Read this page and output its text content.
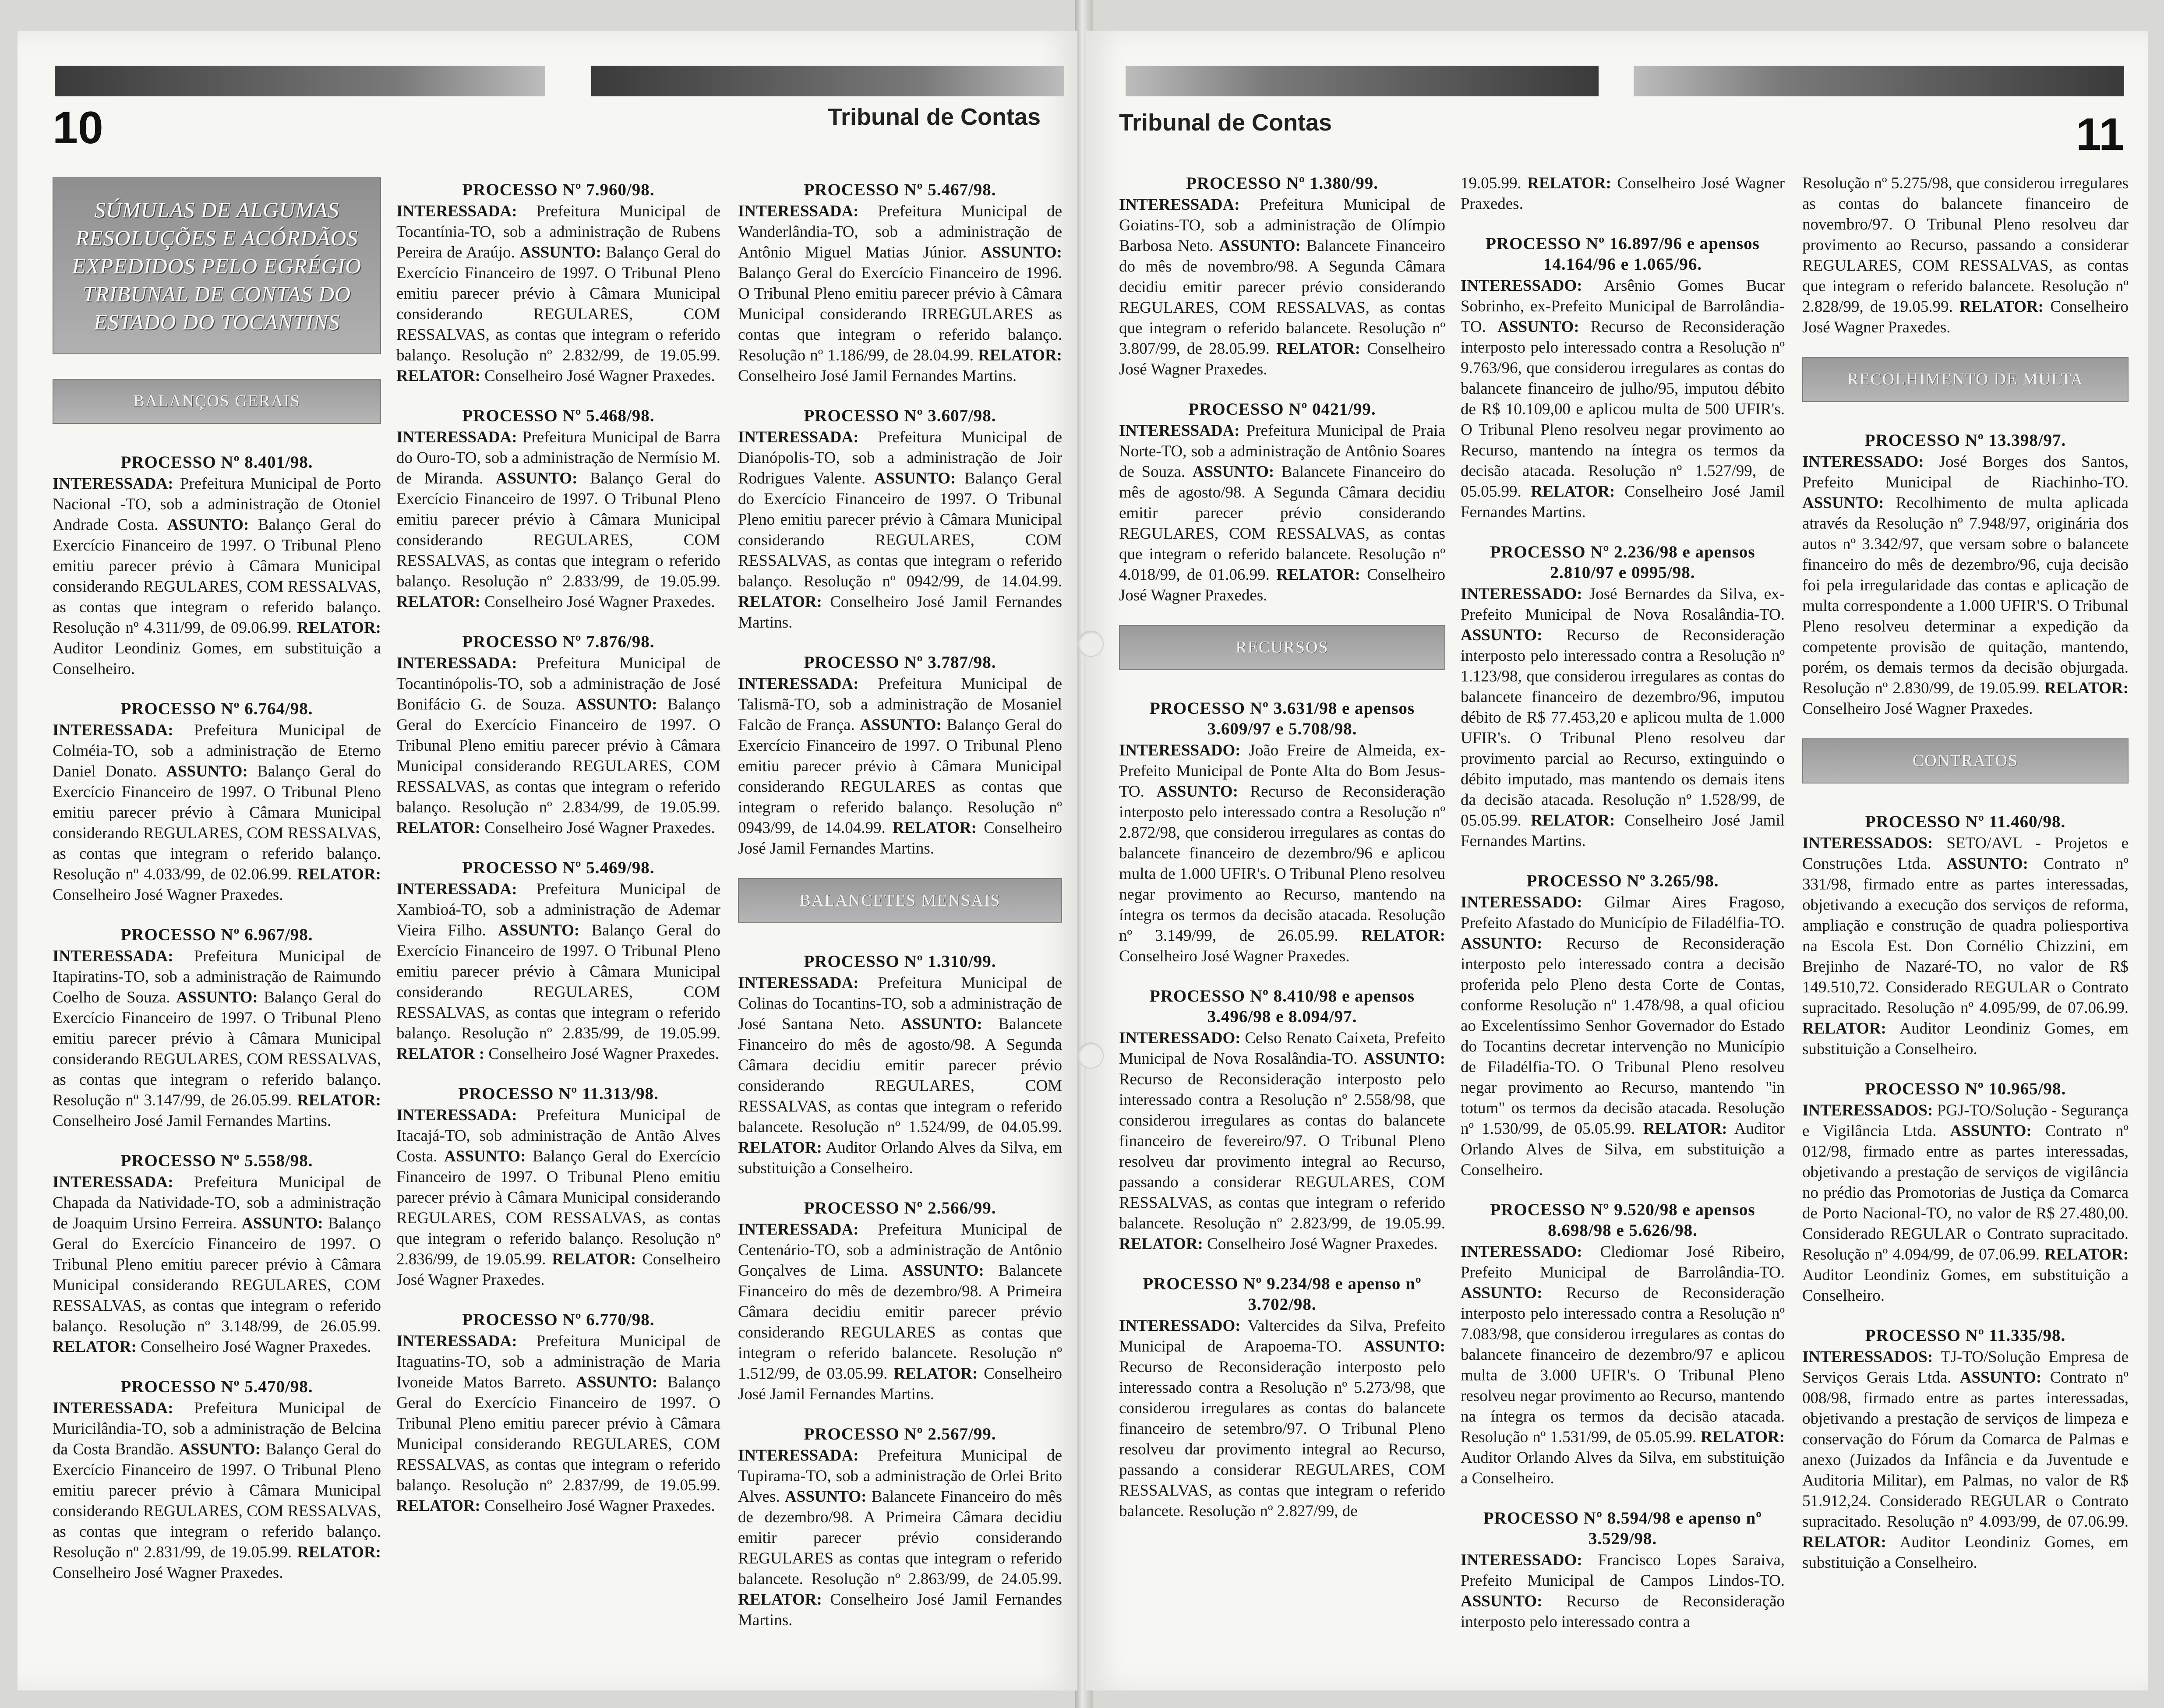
10	Tribunal de Contas
SÚMULAS DE ALGUMAS RESOLUÇÕES E ACÓRDÃOS EXPEDIDOS PELO EGRÉGIO TRIBUNAL DE CONTAS DO ESTADO DO TOCANTINS
BALANÇOS GERAIS
PROCESSO Nº 8.401/98.
INTERESSADA: Prefeitura Municipal de Porto Nacional -TO, sob a administração de Otoniel Andrade Costa. ASSUNTO: Balanço Geral do Exercício Financeiro de 1997. O Tribunal Pleno emitiu parecer prévio à Câmara Municipal considerando REGULARES, COM RESSALVAS, as contas que integram o referido balanço. Resolução nº 4.311/99, de 09.06.99. RELATOR: Auditor Leondiniz Gomes, em substituição a Conselheiro.
PROCESSO Nº 6.764/98.
INTERESSADA: Prefeitura Municipal de Colméia-TO, sob a administração de Eterno Daniel Donato. ASSUNTO: Balanço Geral do Exercício Financeiro de 1997. O Tribunal Pleno emitiu parecer prévio à Câmara Municipal considerando REGULARES, COM RESSALVAS, as contas que integram o referido balanço. Resolução nº 4.033/99, de 02.06.99. RELATOR: Conselheiro José Wagner Praxedes.
PROCESSO Nº 6.967/98.
INTERESSADA: Prefeitura Municipal de Itapiratins-TO, sob a administração de Raimundo Coelho de Souza. ASSUNTO: Balanço Geral do Exercício Financeiro de 1997. O Tribunal Pleno emitiu parecer prévio à Câmara Municipal considerando REGULARES, COM RESSALVAS, as contas que integram o referido balanço. Resolução nº 3.147/99, de 26.05.99. RELATOR: Conselheiro José Jamil Fernandes Martins.
PROCESSO Nº 5.558/98.
INTERESSADA: Prefeitura Municipal de Chapada da Natividade-TO, sob a administração de Joaquim Ursino Ferreira. ASSUNTO: Balanço Geral do Exercício Financeiro de 1997. O Tribunal Pleno emitiu parecer prévio à Câmara Municipal considerando REGULARES, COM RESSALVAS, as contas que integram o referido balanço. Resolução nº 3.148/99, de 26.05.99. RELATOR: Conselheiro José Wagner Praxedes.
PROCESSO Nº 5.470/98.
INTERESSADA: Prefeitura Municipal de Muricilândia-TO, sob a administração de Belcina da Costa Brandão. ASSUNTO: Balanço Geral do Exercício Financeiro de 1997. O Tribunal Pleno emitiu parecer prévio à Câmara Municipal considerando REGULARES, COM RESSALVAS, as contas que integram o referido balanço. Resolução nº 2.831/99, de 19.05.99. RELATOR: Conselheiro José Wagner Praxedes.
PROCESSO Nº 7.960/98.
INTERESSADA: Prefeitura Municipal de Tocantínia-TO, sob a administração de Rubens Pereira de Araújo. ASSUNTO: Balanço Geral do Exercício Financeiro de 1997. O Tribunal Pleno emitiu parecer prévio à Câmara Municipal considerando REGULARES, COM RESSALVAS, as contas que integram o referido balanço. Resolução nº 2.832/99, de 19.05.99. RELATOR: Conselheiro José Wagner Praxedes.
PROCESSO Nº 5.468/98.
INTERESSADA: Prefeitura Municipal de Barra do Ouro-TO, sob a administração de Nermísio M. de Miranda. ASSUNTO: Balanço Geral do Exercício Financeiro de 1997. O Tribunal Pleno emitiu parecer prévio à Câmara Municipal considerando REGULARES, COM RESSALVAS, as contas que integram o referido balanço. Resolução nº 2.833/99, de 19.05.99. RELATOR: Conselheiro José Wagner Praxedes.
PROCESSO Nº 7.876/98.
INTERESSADA: Prefeitura Municipal de Tocantinópolis-TO, sob a administração de José Bonifácio G. de Souza. ASSUNTO: Balanço Geral do Exercício Financeiro de 1997. O Tribunal Pleno emitiu parecer prévio à Câmara Municipal considerando REGULARES, COM RESSALVAS, as contas que integram o referido balanço. Resolução nº 2.834/99, de 19.05.99. RELATOR: Conselheiro José Wagner Praxedes.
PROCESSO Nº 5.469/98.
INTERESSADA: Prefeitura Municipal de Xambioá-TO, sob a administração de Ademar Vieira Filho. ASSUNTO: Balanço Geral do Exercício Financeiro de 1997. O Tribunal Pleno emitiu parecer prévio à Câmara Municipal considerando REGULARES, COM RESSALVAS, as contas que integram o referido balanço. Resolução nº 2.835/99, de 19.05.99. RELATOR : Conselheiro José Wagner Praxedes.
PROCESSO Nº 11.313/98.
INTERESSADA: Prefeitura Municipal de Itacajá-TO, sob administração de Antão Alves Costa. ASSUNTO: Balanço Geral do Exercício Financeiro de 1997. O Tribunal Pleno emitiu parecer prévio à Câmara Municipal considerando REGULARES, COM RESSALVAS, as contas que integram o referido balanço. Resolução nº 2.836/99, de 19.05.99. RELATOR: Conselheiro José Wagner Praxedes.
PROCESSO Nº 6.770/98.
INTERESSADA: Prefeitura Municipal de Itaguatins-TO, sob a administração de Maria Ivoneide Matos Barreto. ASSUNTO: Balanço Geral do Exercício Financeiro de 1997. O Tribunal Pleno emitiu parecer prévio à Câmara Municipal considerando REGULARES, COM RESSALVAS, as contas que integram o referido balanço. Resolução nº 2.837/99, de 19.05.99. RELATOR: Conselheiro José Wagner Praxedes.
PROCESSO Nº 5.467/98.
INTERESSADA: Prefeitura Municipal de Wanderlândia-TO, sob a administração de Antônio Miguel Matias Júnior. ASSUNTO: Balanço Geral do Exercício Financeiro de 1996. O Tribunal Pleno emitiu parecer prévio à Câmara Municipal considerando IRREGULARES as contas que integram o referido balanço. Resolução nº 1.186/99, de 28.04.99. RELATOR: Conselheiro José Jamil Fernandes Martins.
PROCESSO Nº 3.607/98.
INTERESSADA: Prefeitura Municipal de Dianópolis-TO, sob a administração de Joir Rodrigues Valente. ASSUNTO: Balanço Geral do Exercício Financeiro de 1997. O Tribunal Pleno emitiu parecer prévio à Câmara Municipal considerando REGULARES, COM RESSALVAS, as contas que integram o referido balanço. Resolução nº 0942/99, de 14.04.99. RELATOR: Conselheiro José Jamil Fernandes Martins.
PROCESSO Nº 3.787/98.
INTERESSADA: Prefeitura Municipal de Talismã-TO, sob a administração de Mosaniel Falcão de França. ASSUNTO: Balanço Geral do Exercício Financeiro de 1997. O Tribunal Pleno emitiu parecer prévio à Câmara Municipal considerando REGULARES as contas que integram o referido balanço. Resolução nº 0943/99, de 14.04.99. RELATOR: Conselheiro José Jamil Fernandes Martins.
BALANCETES MENSAIS
PROCESSO Nº 1.310/99.
INTERESSADA: Prefeitura Municipal de Colinas do Tocantins-TO, sob a administração de José Santana Neto. ASSUNTO: Balancete Financeiro do mês de agosto/98. A Segunda Câmara decidiu emitir parecer prévio considerando REGULARES, COM RESSALVAS, as contas que integram o referido balancete. Resolução nº 1.524/99, de 04.05.99. RELATOR: Auditor Orlando Alves da Silva, em substituição a Conselheiro.
PROCESSO Nº 2.566/99.
INTERESSADA: Prefeitura Municipal de Centenário-TO, sob a administração de Antônio Gonçalves de Lima. ASSUNTO: Balancete Financeiro do mês de dezembro/98. A Primeira Câmara decidiu emitir parecer prévio considerando REGULARES as contas que integram o referido balancete. Resolução nº 1.512/99, de 03.05.99. RELATOR: Conselheiro José Jamil Fernandes Martins.
PROCESSO Nº 2.567/99.
INTERESSADA: Prefeitura Municipal de Tupirama-TO, sob a administração de Orlei Brito Alves. ASSUNTO: Balancete Financeiro do mês de dezembro/98. A Primeira Câmara decidiu emitir parecer prévio considerando REGULARES as contas que integram o referido balancete. Resolução nº 2.863/99, de 24.05.99. RELATOR: Conselheiro José Jamil Fernandes Martins.
Tribunal de Contas	11
PROCESSO Nº 1.380/99.
INTERESSADA: Prefeitura Municipal de Goiatins-TO, sob a administração de Olímpio Barbosa Neto. ASSUNTO: Balancete Financeiro do mês de novembro/98. A Segunda Câmara decidiu emitir parecer prévio considerando REGULARES, COM RESSALVAS, as contas que integram o referido balancete. Resolução nº 3.807/99, de 28.05.99. RELATOR: Conselheiro José Wagner Praxedes.
PROCESSO Nº 0421/99.
INTERESSADA: Prefeitura Municipal de Praia Norte-TO, sob a administração de Antônio Soares de Souza. ASSUNTO: Balancete Financeiro do mês de agosto/98. A Segunda Câmara decidiu emitir parecer prévio considerando REGULARES, COM RESSALVAS, as contas que integram o referido balancete. Resolução nº 4.018/99, de 01.06.99. RELATOR: Conselheiro José Wagner Praxedes.
RECURSOS
PROCESSO Nº 3.631/98 e apensos 3.609/97 e 5.708/98.
INTERESSADO: João Freire de Almeida, ex-Prefeito Municipal de Ponte Alta do Bom Jesus-TO. ASSUNTO: Recurso de Reconsideração interposto pelo interessado contra a Resolução nº 2.872/98, que considerou irregulares as contas do balancete financeiro de dezembro/96 e aplicou multa de 1.000 UFIR's. O Tribunal Pleno resolveu negar provimento ao Recurso, mantendo na íntegra os termos da decisão atacada. Resolução nº 3.149/99, de 26.05.99. RELATOR: Conselheiro José Wagner Praxedes.
PROCESSO Nº 8.410/98 e apensos 3.496/98 e 8.094/97.
INTERESSADO: Celso Renato Caixeta, Prefeito Municipal de Nova Rosalândia-TO. ASSUNTO: Recurso de Reconsideração interposto pelo interessado contra a Resolução nº 2.558/98, que considerou irregulares as contas do balancete financeiro de fevereiro/97. O Tribunal Pleno resolveu dar provimento integral ao Recurso, passando a considerar REGULARES, COM RESSALVAS, as contas que integram o referido balancete. Resolução nº 2.823/99, de 19.05.99. RELATOR: Conselheiro José Wagner Praxedes.
PROCESSO Nº 9.234/98 e apenso nº 3.702/98.
INTERESSADO: Valtercides da Silva, Prefeito Municipal de Arapoema-TO. ASSUNTO: Recurso de Reconsideração interposto pelo interessado contra a Resolução nº 5.273/98, que considerou irregulares as contas do balancete financeiro de setembro/97. O Tribunal Pleno resolveu dar provimento integral ao Recurso, passando a considerar REGULARES, COM RESSALVAS, as contas que integram o referido balancete. Resolução nº 2.827/99, de
19.05.99. RELATOR: Conselheiro José Wagner Praxedes.
PROCESSO Nº 16.897/96 e apensos 14.164/96 e 1.065/96.
INTERESSADO: Arsênio Gomes Bucar Sobrinho, ex-Prefeito Municipal de Barrolândia-TO. ASSUNTO: Recurso de Reconsideração interposto pelo interessado contra a Resolução nº 9.763/96, que considerou irregulares as contas do balancete financeiro de julho/95, imputou débito de R$ 10.109,00 e aplicou multa de 500 UFIR's. O Tribunal Pleno resolveu negar provimento ao Recurso, mantendo na íntegra os termos da decisão atacada. Resolução nº 1.527/99, de 05.05.99. RELATOR: Conselheiro José Jamil Fernandes Martins.
PROCESSO Nº 2.236/98 e apensos 2.810/97 e 0995/98.
INTERESSADO: José Bernardes da Silva, ex-Prefeito Municipal de Nova Rosalândia-TO. ASSUNTO: Recurso de Reconsideração interposto pelo interessado contra a Resolução nº 1.123/98, que considerou irregulares as contas do balancete financeiro de dezembro/96, imputou débito de R$ 77.453,20 e aplicou multa de 1.000 UFIR's. O Tribunal Pleno resolveu dar provimento parcial ao Recurso, extinguindo o débito imputado, mas mantendo os demais itens da decisão atacada. Resolução nº 1.528/99, de 05.05.99. RELATOR: Conselheiro José Jamil Fernandes Martins.
PROCESSO Nº 3.265/98.
INTERESSADO: Gilmar Aires Fragoso, Prefeito Afastado do Município de Filadélfia-TO. ASSUNTO: Recurso de Reconsideração interposto pelo interessado contra a decisão proferida pelo Pleno desta Corte de Contas, conforme Resolução nº 1.478/98, a qual oficiou ao Excelentíssimo Senhor Governador do Estado do Tocantins decretar intervenção no Município de Filadélfia-TO. O Tribunal Pleno resolveu negar provimento ao Recurso, mantendo "in totum" os termos da decisão atacada. Resolução nº 1.530/99, de 05.05.99. RELATOR: Auditor Orlando Alves de Silva, em substituição a Conselheiro.
PROCESSO Nº 9.520/98 e apensos 8.698/98 e 5.626/98.
INTERESSADO: Clediomar José Ribeiro, Prefeito Municipal de Barrolândia-TO. ASSUNTO: Recurso de Reconsideração interposto pelo interessado contra a Resolução nº 7.083/98, que considerou irregulares as contas do balancete financeiro de dezembro/97 e aplicou multa de 3.000 UFIR's. O Tribunal Pleno resolveu negar provimento ao Recurso, mantendo na íntegra os termos da decisão atacada. Resolução nº 1.531/99, de 05.05.99. RELATOR: Auditor Orlando Alves da Silva, em substituição a Conselheiro.
PROCESSO Nº 8.594/98 e apenso nº 3.529/98.
INTERESSADO: Francisco Lopes Saraiva, Prefeito Municipal de Campos Lindos-TO. ASSUNTO: Recurso de Reconsideração interposto pelo interessado contra a
Resolução nº 5.275/98, que considerou irregulares as contas do balancete financeiro de novembro/97. O Tribunal Pleno resolveu dar provimento ao Recurso, passando a considerar REGULARES, COM RESSALVAS, as contas que integram o referido balancete. Resolução nº 2.828/99, de 19.05.99. RELATOR: Conselheiro José Wagner Praxedes.
RECOLHIMENTO DE MULTA
PROCESSO Nº 13.398/97.
INTERESSADO: José Borges dos Santos, Prefeito Municipal de Riachinho-TO. ASSUNTO: Recolhimento de multa aplicada através da Resolução nº 7.948/97, originária dos autos nº 3.342/97, que versam sobre o balancete financeiro do mês de dezembro/96, cuja decisão foi pela irregularidade das contas e aplicação de multa correspondente a 1.000 UFIR'S. O Tribunal Pleno resolveu determinar a expedição da competente provisão de quitação, mantendo, porém, os demais termos da decisão objurgada. Resolução nº 2.830/99, de 19.05.99. RELATOR: Conselheiro José Wagner Praxedes.
CONTRATOS
PROCESSO Nº 11.460/98.
INTERESSADOS: SETO/AVL - Projetos e Construções Ltda. ASSUNTO: Contrato nº 331/98, firmado entre as partes interessadas, objetivando a execução dos serviços de reforma, ampliação e construção de quadra poliesportiva na Escola Est. Don Cornélio Chizzini, em Brejinho de Nazaré-TO, no valor de R$ 149.510,72. Considerado REGULAR o Contrato supracitado. Resolução nº 4.095/99, de 07.06.99. RELATOR: Auditor Leondiniz Gomes, em substituição a Conselheiro.
PROCESSO Nº 10.965/98.
INTERESSADOS: PGJ-TO/Solução - Segurança e Vigilância Ltda. ASSUNTO: Contrato nº 012/98, firmado entre as partes interessadas, objetivando a prestação de serviços de vigilância no prédio das Promotorias de Justiça da Comarca de Porto Nacional-TO, no valor de R$ 27.480,00. Considerado REGULAR o Contrato supracitado. Resolução nº 4.094/99, de 07.06.99. RELATOR: Auditor Leondiniz Gomes, em substituição a Conselheiro.
PROCESSO Nº 11.335/98.
INTERESSADOS: TJ-TO/Solução Empresa de Serviços Gerais Ltda. ASSUNTO: Contrato nº 008/98, firmado entre as partes interessadas, objetivando a prestação de serviços de limpeza e conservação do Fórum da Comarca de Palmas e anexo (Juizados da Infância e da Juventude e Auditoria Militar), em Palmas, no valor de R$ 51.912,24. Considerado REGULAR o Contrato supracitado. Resolução nº 4.093/99, de 07.06.99. RELATOR: Auditor Leondiniz Gomes, em substituição a Conselheiro.
